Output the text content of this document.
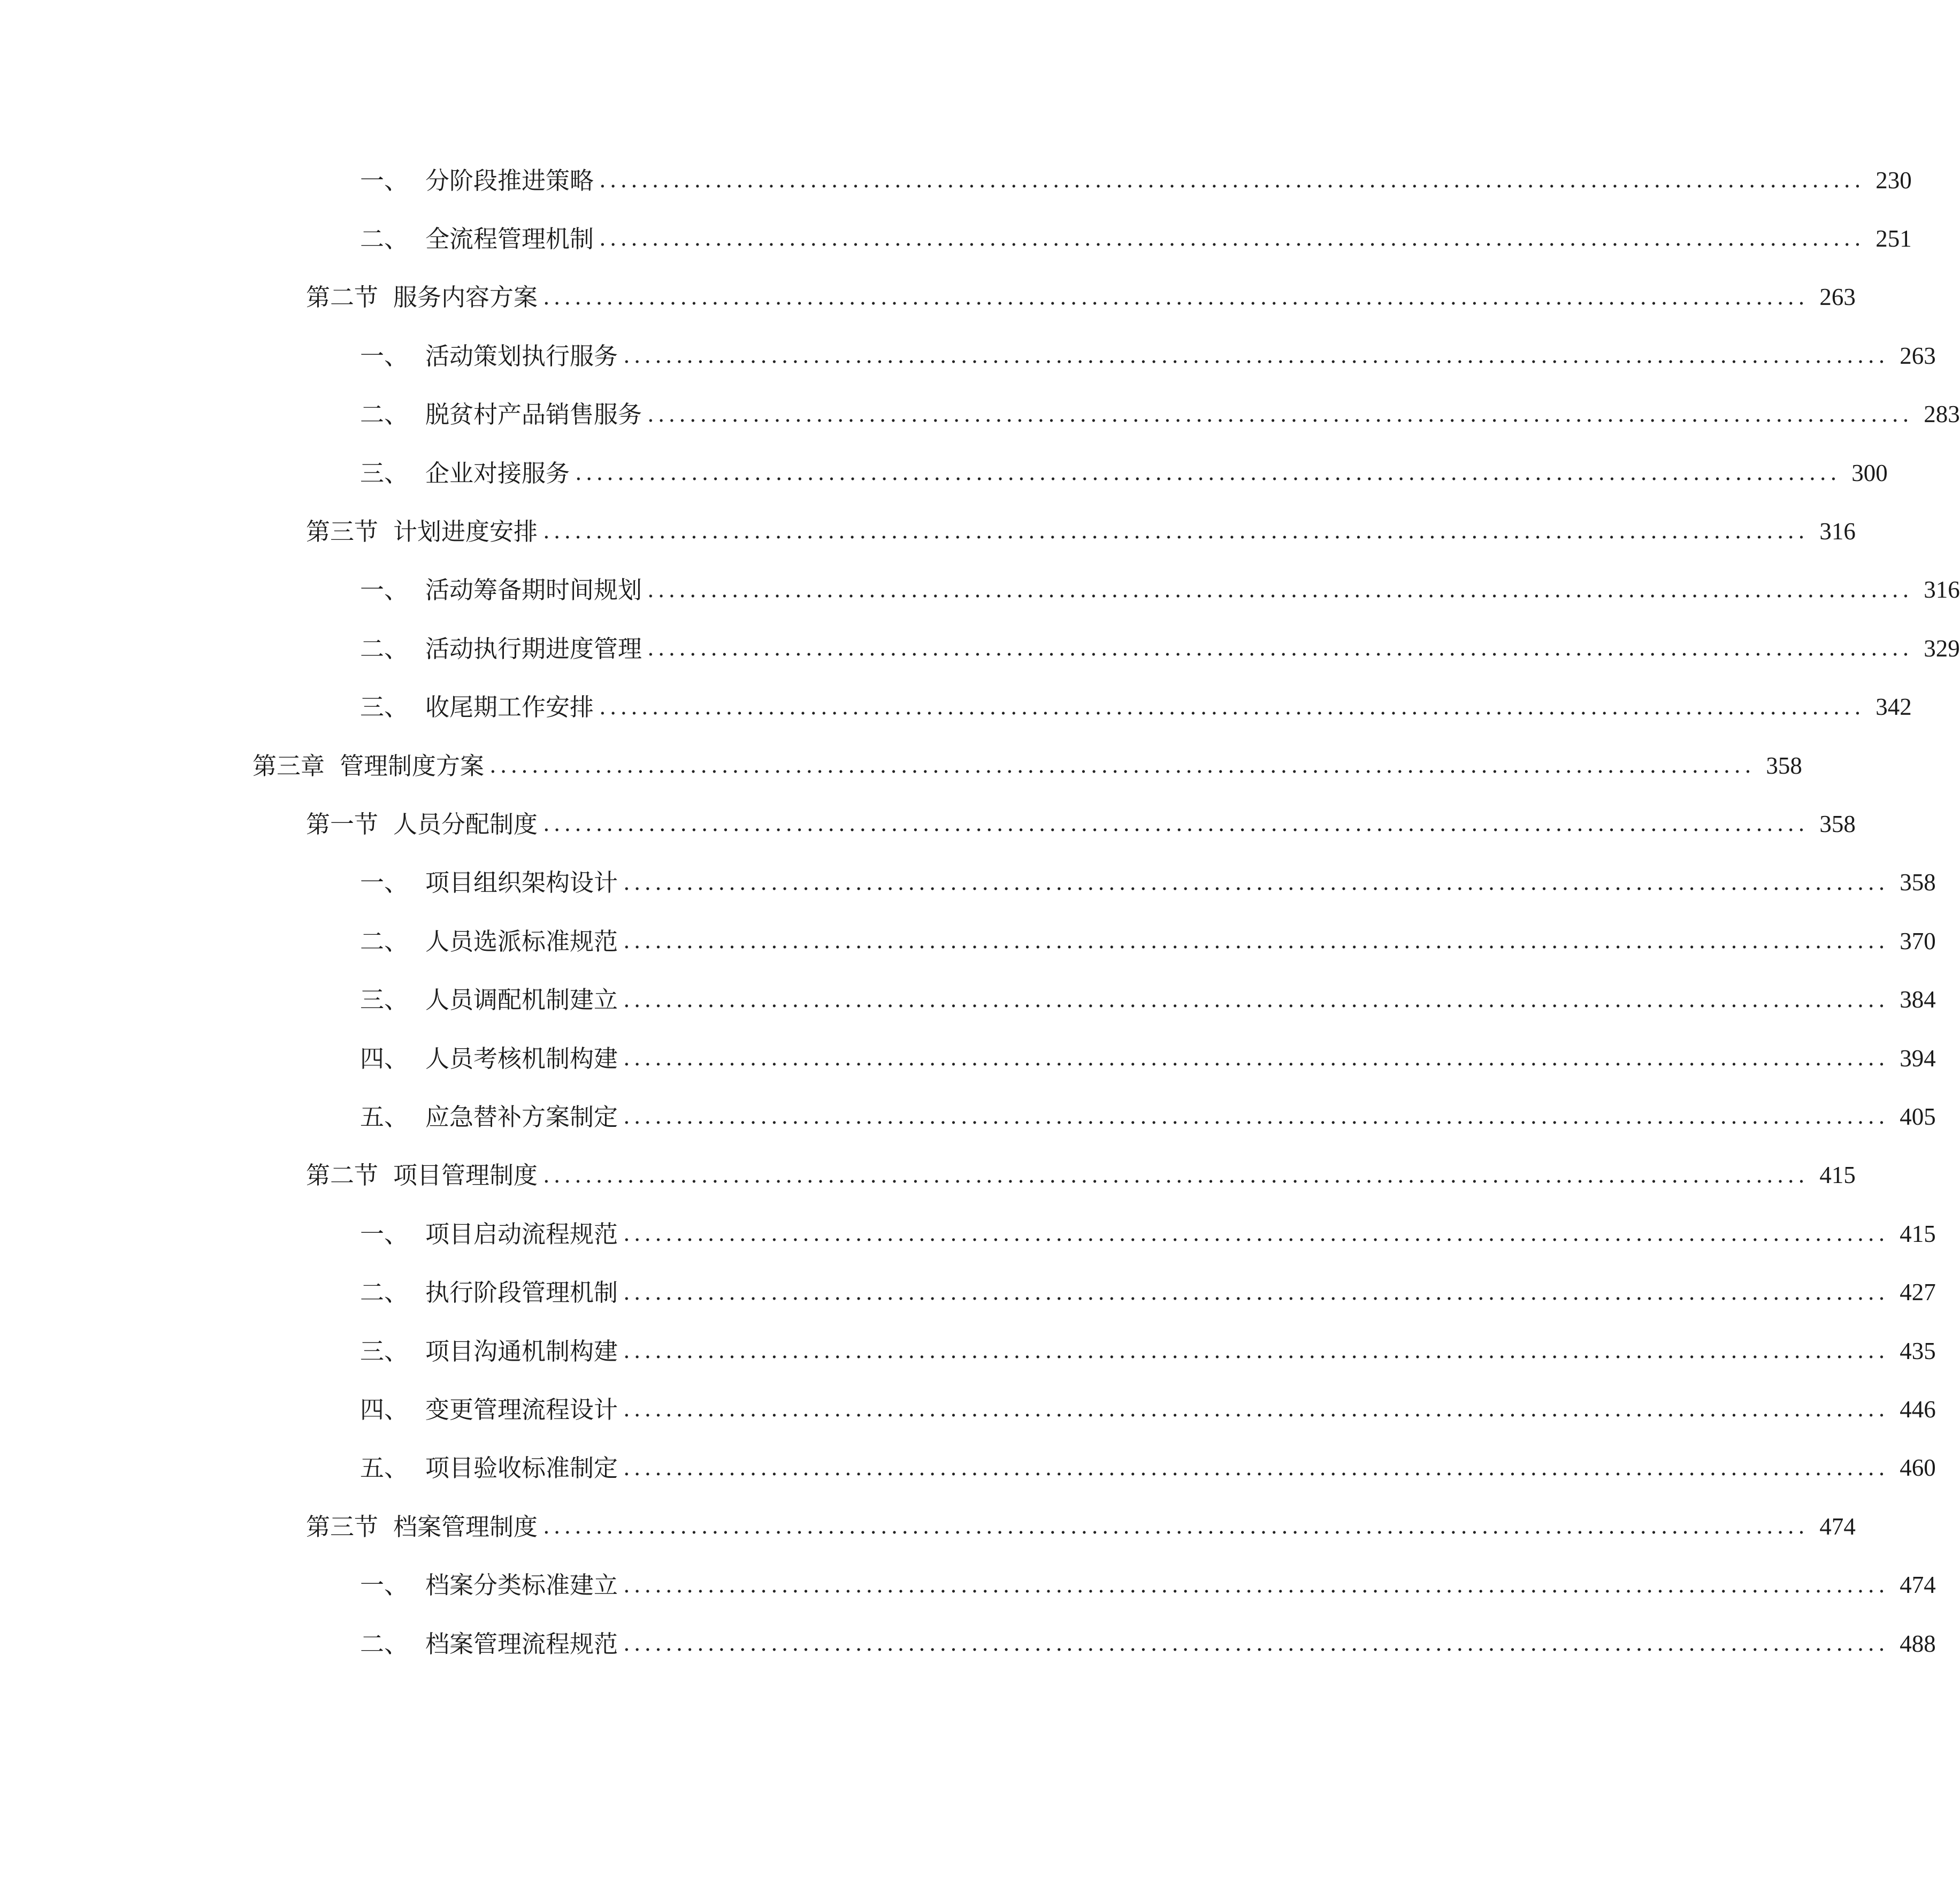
一、 分阶段推进策略 ........................................................................................................................ 230
二、 全流程管理机制 ........................................................................................................................ 251
第二节 服务内容方案 ........................................................................................................................ 263
一、 活动策划执行服务 ........................................................................................................................ 263
二、 脱贫村产品销售服务 ........................................................................................................................ 283
三、 企业对接服务 ........................................................................................................................ 300
第三节 计划进度安排 ........................................................................................................................ 316
一、 活动筹备期时间规划 ........................................................................................................................ 316
二、 活动执行期进度管理 ........................................................................................................................ 329
三、 收尾期工作安排 ........................................................................................................................ 342
第三章 管理制度方案 ........................................................................................................................ 358
第一节 人员分配制度 ........................................................................................................................ 358
一、 项目组织架构设计 ........................................................................................................................ 358
二、 人员选派标准规范 ........................................................................................................................ 370
三、 人员调配机制建立 ........................................................................................................................ 384
四、 人员考核机制构建 ........................................................................................................................ 394
五、 应急替补方案制定 ........................................................................................................................ 405
第二节 项目管理制度 ........................................................................................................................ 415
一、 项目启动流程规范 ........................................................................................................................ 415
二、 执行阶段管理机制 ........................................................................................................................ 427
三、 项目沟通机制构建 ........................................................................................................................ 435
四、 变更管理流程设计 ........................................................................................................................ 446
五、 项目验收标准制定 ........................................................................................................................ 460
第三节 档案管理制度 ........................................................................................................................ 474
一、 档案分类标准建立 ........................................................................................................................ 474
二、 档案管理流程规范 ........................................................................................................................ 488
